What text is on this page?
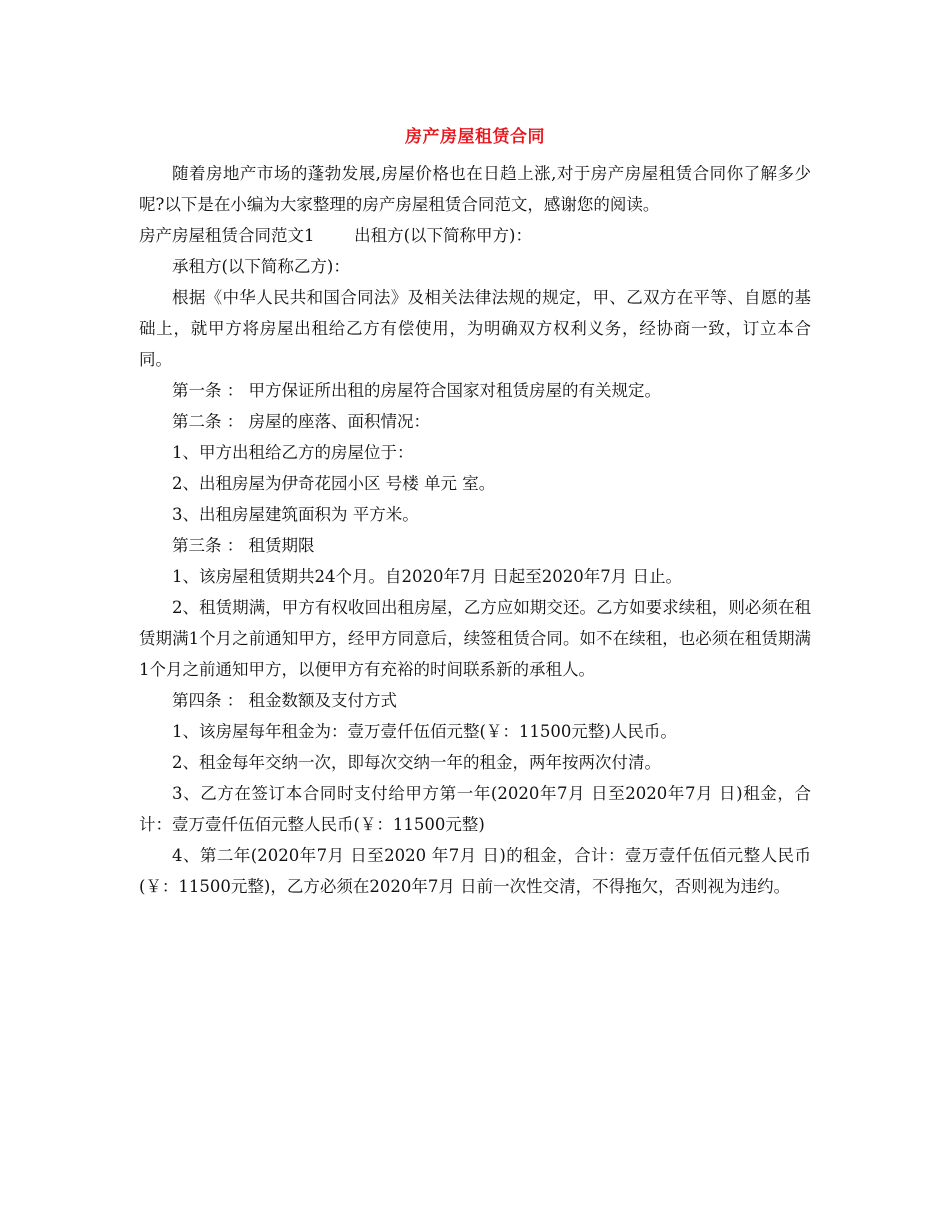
房产房屋租赁合同

随着房地产市场的蓬勃发展,房屋价格也在日趋上涨,对于房产房屋租赁合同你了解多少呢?以下是在小编为大家整理的房产房屋租赁合同范文，感谢您的阅读。

房产房屋租赁合同范文1 出租方(以下简称甲方)：

承租方(以下简称乙方)：

根据《中华人民共和国合同法》及相关法律法规的规定，甲、乙双方在平等、自愿的基础上，就甲方将房屋出租给乙方有偿使用，为明确双方权利义务，经协商一致，订立本合同。

第一条 ： 甲方保证所出租的房屋符合国家对租赁房屋的有关规定。

第二条 ： 房屋的座落、面积情况：

1、甲方出租给乙方的房屋位于：

2、出租房屋为伊奇花园小区 号楼 单元 室。

3、出租房屋建筑面积为 平方米。

第三条 ： 租赁期限

1、该房屋租赁期共24个月。自2020年7月 日起至2020年7月 日止。

2、租赁期满，甲方有权收回出租房屋，乙方应如期交还。乙方如要求续租，则必须在租赁期满1个月之前通知甲方，经甲方同意后，续签租赁合同。如不在续租，也必须在租赁期满1个月之前通知甲方，以便甲方有充裕的时间联系新的承租人。

第四条 ： 租金数额及支付方式

1、该房屋每年租金为：壹万壹仟伍佰元整(￥：11500元整)人民币。

2、租金每年交纳一次，即每次交纳一年的租金，两年按两次付清。

3、乙方在签订本合同时支付给甲方第一年(2020年7月 日至2020年7月 日)租金，合计：壹万壹仟伍佰元整人民币(￥：11500元整)

4、第二年(2020年7月 日至2020 年7月 日)的租金，合计：壹万壹仟伍佰元整人民币(￥：11500元整)，乙方必须在2020年7月 日前一次性交清，不得拖欠，否则视为违约。
